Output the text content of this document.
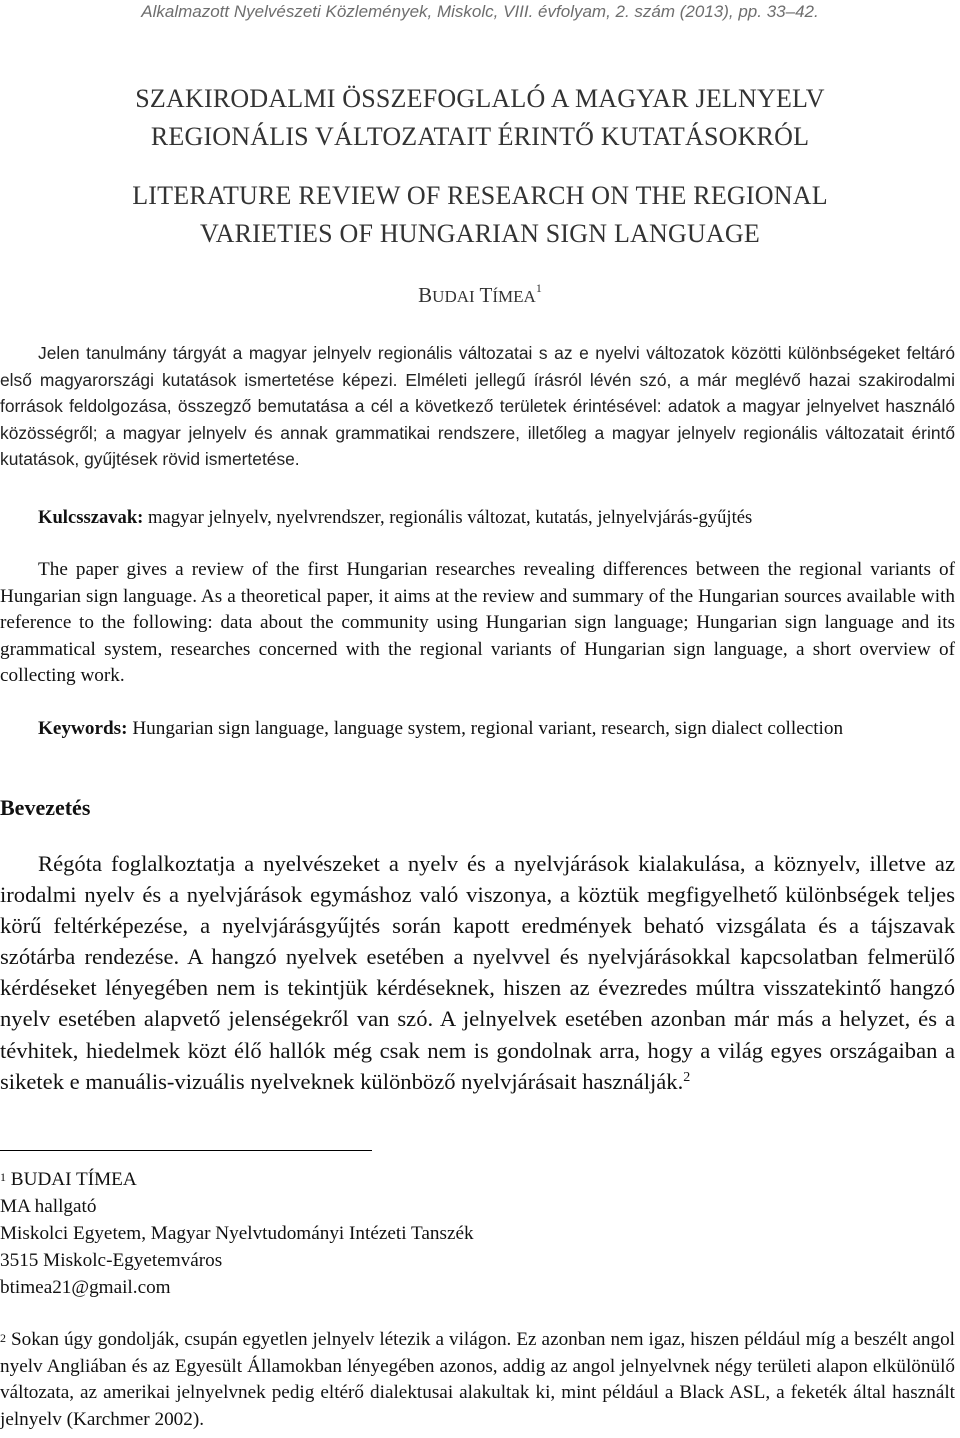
Alkalmazott Nyelvészeti Közlemények, Miskolc, VIII. évfolyam, 2. szám (2013), pp. 33–42.
SZAKIRODALMI ÖSSZEFOGLALÓ A MAGYAR JELNYELV
REGIONÁLIS VÁLTOZATAIT ÉRINTŐ KUTATÁSOKRÓL
LITERATURE REVIEW OF RESEARCH ON THE REGIONAL
VARIETIES OF HUNGARIAN SIGN LANGUAGE
BUDAI TÍMEA$^1$
Jelen tanulmány tárgyát a magyar jelnyelv regionális változatai s az e nyelvi változatok közötti különbségeket feltáró első magyarországi kutatások ismertetése képezi. Elméleti jellegű írásról lévén szó, a már meglévő hazai szakirodalmi források feldolgozása, összegző bemutatása a cél a következő területek érintésével: adatok a magyar jelnyelvet használó közösségről; a magyar jelnyelv és annak grammatikai rendszere, illetőleg a magyar jelnyelv regionális változatait érintő kutatások, gyűjtések rövid ismertetése.
Kulcsszavak: magyar jelnyelv, nyelvrendszer, regionális változat, kutatás, jelnyelvjárás-gyűjtés
The paper gives a review of the first Hungarian researches revealing differences between the regional variants of Hungarian sign language. As a theoretical paper, it aims at the review and summary of the Hungarian sources available with reference to the following: data about the community using Hungarian sign language; Hungarian sign language and its grammatical system, researches concerned with the regional variants of Hungarian sign language, a short overview of collecting work.
Keywords: Hungarian sign language, language system, regional variant, research, sign dialect collection
Bevezetés
Régóta foglalkoztatja a nyelvészeket a nyelv és a nyelvjárások kialakulása, a köznyelv, illetve az irodalmi nyelv és a nyelvjárások egymáshoz való viszonya, a köztük megfigyelhető különbségek teljes körű feltérképezése, a nyelvjárásgyűjtés során kapott eredmények beható vizsgálata és a tájszavak szótárba rendezése. A hangzó nyelvek esetében a nyelvvel és nyelvjárásokkal kapcsolatban felmerülő kérdéseket lényegében nem is tekintjük kérdéseknek, hiszen az évezredes múltra visszatekintő hangzó nyelv esetében alapvető jelenségekről van szó. A jelnyelvek esetében azonban már más a helyzet, és a tévhitek, hiedelmek közt élő hallók még csak nem is gondolnak arra, hogy a világ egyes országaiban a siketek e manuális-vizuális nyelveknek különböző nyelvjárásait használják.$^2$
$^1$ BUDAI TÍMEA
MA hallgató
Miskolci Egyetem, Magyar Nyelvtudományi Intézeti Tanszék
3515 Miskolc-Egyetemváros
btimea21@gmail.com
$^2$ Sokan úgy gondolják, csupán egyetlen jelnyelv létezik a világon. Ez azonban nem igaz, hiszen például míg a beszélt angol nyelv Angliában és az Egyesült Államokban lényegében azonos, addig az angol jelnyelvnek négy területi alapon elkülönülő változata, az amerikai jelnyelvnek pedig eltérő dialektusai alakultak ki, mint például a Black ASL, a feketék által használt jelnyelv (Karchmer 2002).
